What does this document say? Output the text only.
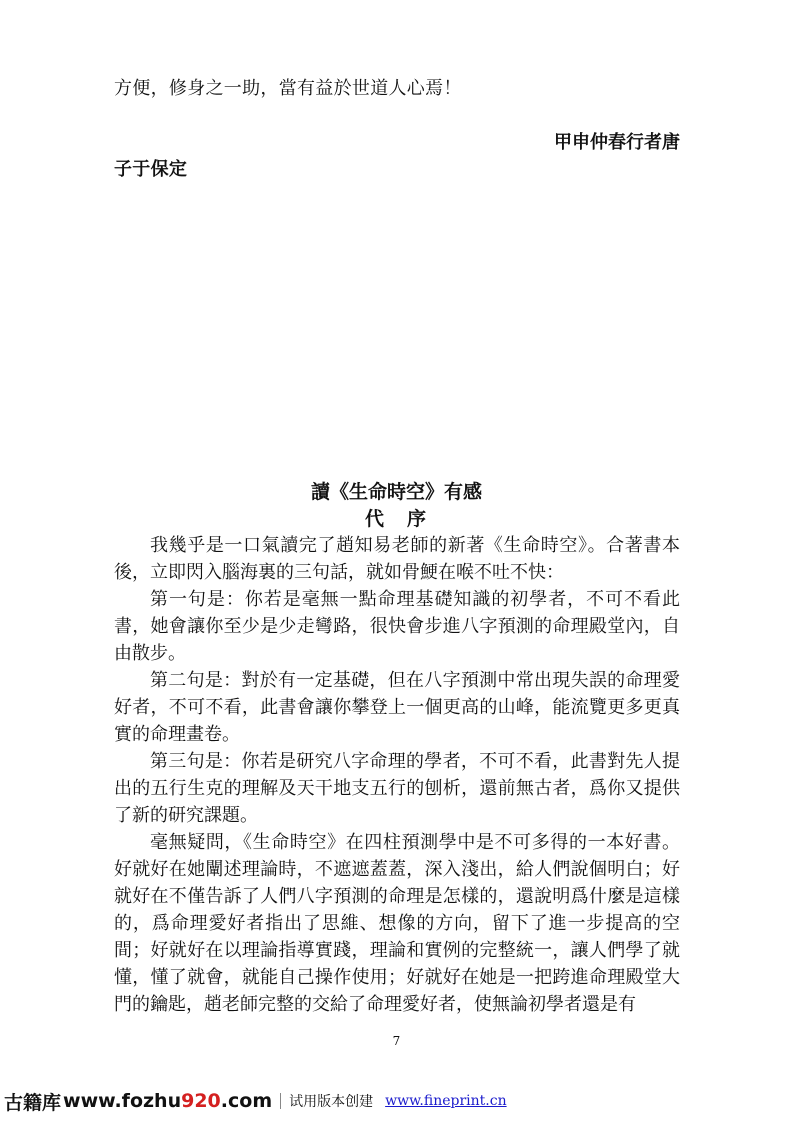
方便，修身之一助，當有益於世道人心焉！
甲申仲春行者唐
子于保定
讀《生命時空》有感
代　序

我幾乎是一口氣讀完了趙知易老師的新著《生命時空》。合著書本後，立即閃入腦海裏的三句話，就如骨鯁在喉不吐不快：

第一句是：你若是毫無一點命理基礎知識的初學者，不可不看此書，她會讓你至少是少走彎路，很快會步進八字預測的命理殿堂內，自由散步。

第二句是：對於有一定基礎，但在八字預測中常出現失誤的命理愛好者，不可不看，此書會讓你攀登上一個更高的山峰，能流覽更多更真實的命理畫卷。

第三句是：你若是研究八字命理的學者，不可不看，此書對先人提出的五行生克的理解及天干地支五行的刨析，還前無古者，爲你又提供了新的研究課題。

毫無疑問，《生命時空》在四柱預測學中是不可多得的一本好書。好就好在她闡述理論時，不遮遮蓋蓋，深入淺出，給人們說個明白；好就好在不僅告訴了人們八字預測的命理是怎樣的，還說明爲什麼是這樣的，爲命理愛好者指出了思維、想像的方向，留下了進一步提高的空間；好就好在以理論指導實踐，理論和實例的完整統一，讓人們學了就懂，懂了就會，就能自己操作使用；好就好在她是一把跨進命理殿堂大門的鑰匙，趙老師完整的交給了命理愛好者，使無論初學者還是有

7
古籍库 www.fozhu920.com 试用版本创建 www.fineprint.cn
